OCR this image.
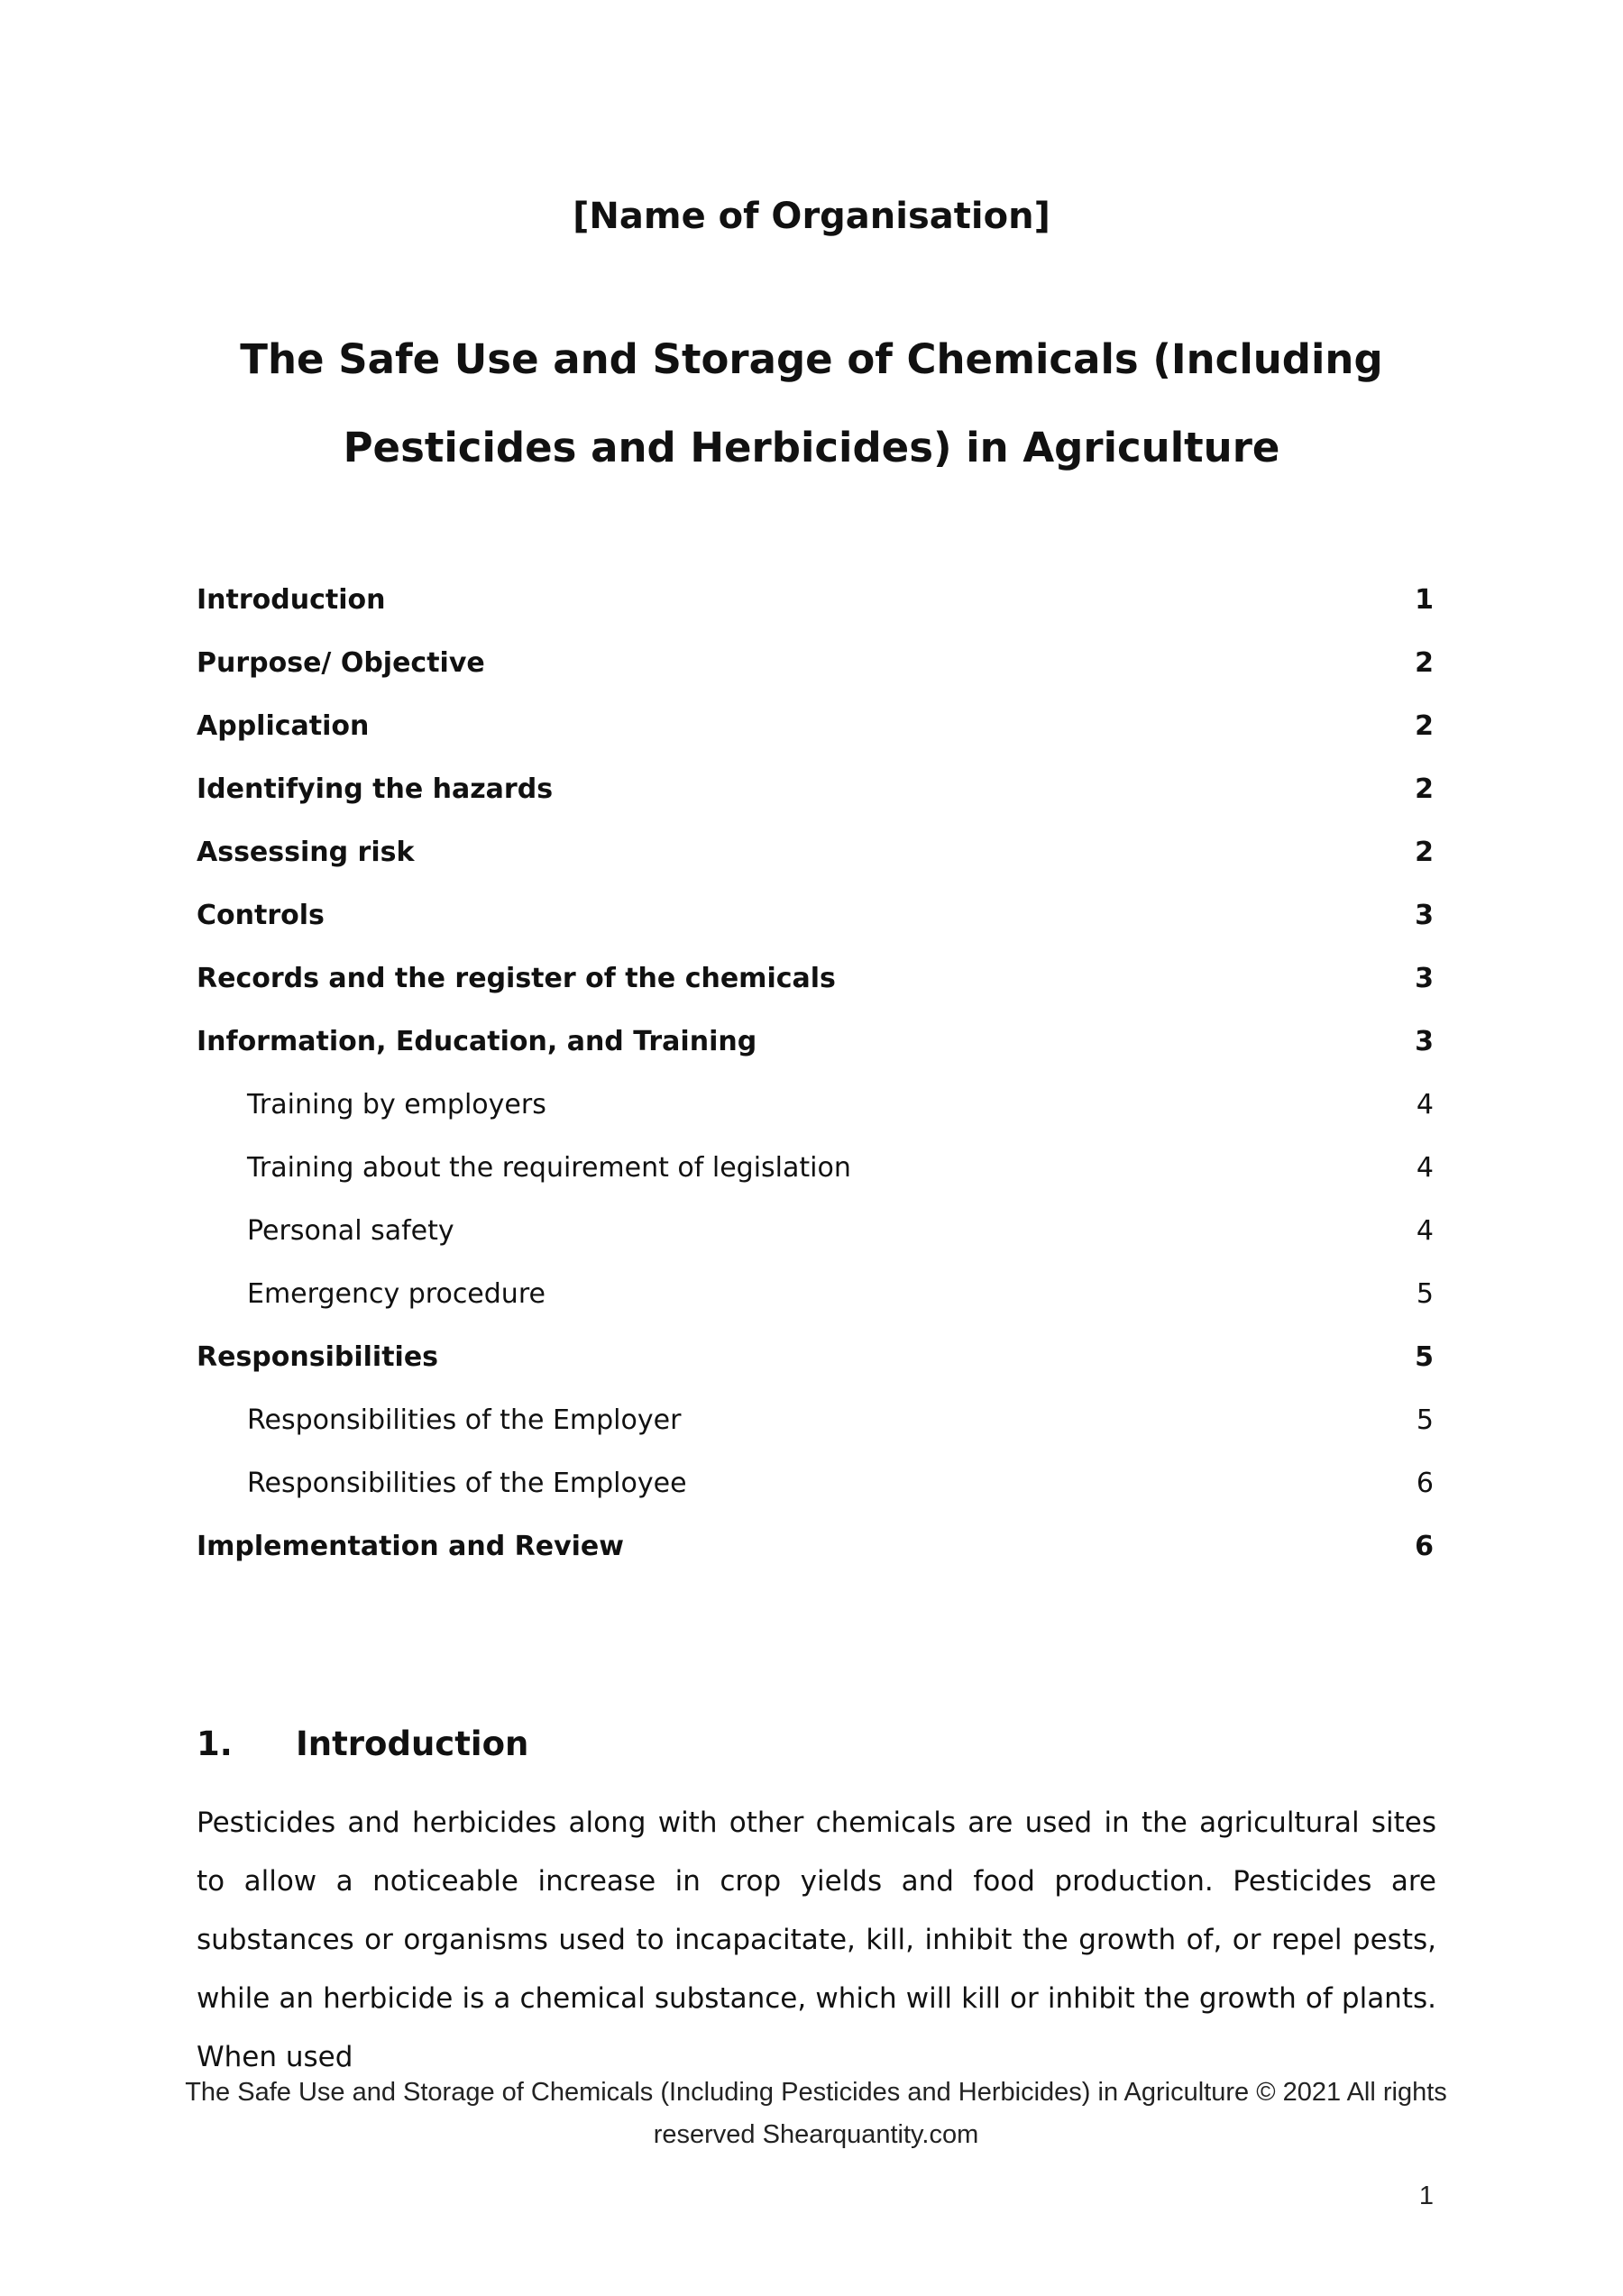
[Name of Organisation]
The Safe Use and Storage of Chemicals (Including Pesticides and Herbicides) in Agriculture
Introduction	1
Purpose/ Objective	2
Application	2
Identifying the hazards	2
Assessing risk	2
Controls	3
Records and the register of the chemicals	3
Information, Education, and Training	3
Training by employers	4
Training about the requirement of legislation	4
Personal safety	4
Emergency procedure	5
Responsibilities	5
Responsibilities of the Employer	5
Responsibilities of the Employee	6
Implementation and Review	6
1. Introduction
Pesticides and herbicides along with other chemicals are used in the agricultural sites to allow a noticeable increase in crop yields and food production. Pesticides are substances or organisms used to incapacitate, kill, inhibit the growth of, or repel pests, while an herbicide is a chemical substance, which will kill or inhibit the growth of plants. When used
The Safe Use and Storage of Chemicals (Including Pesticides and Herbicides) in Agriculture © 2021 All rights reserved Shearquantity.com
1
